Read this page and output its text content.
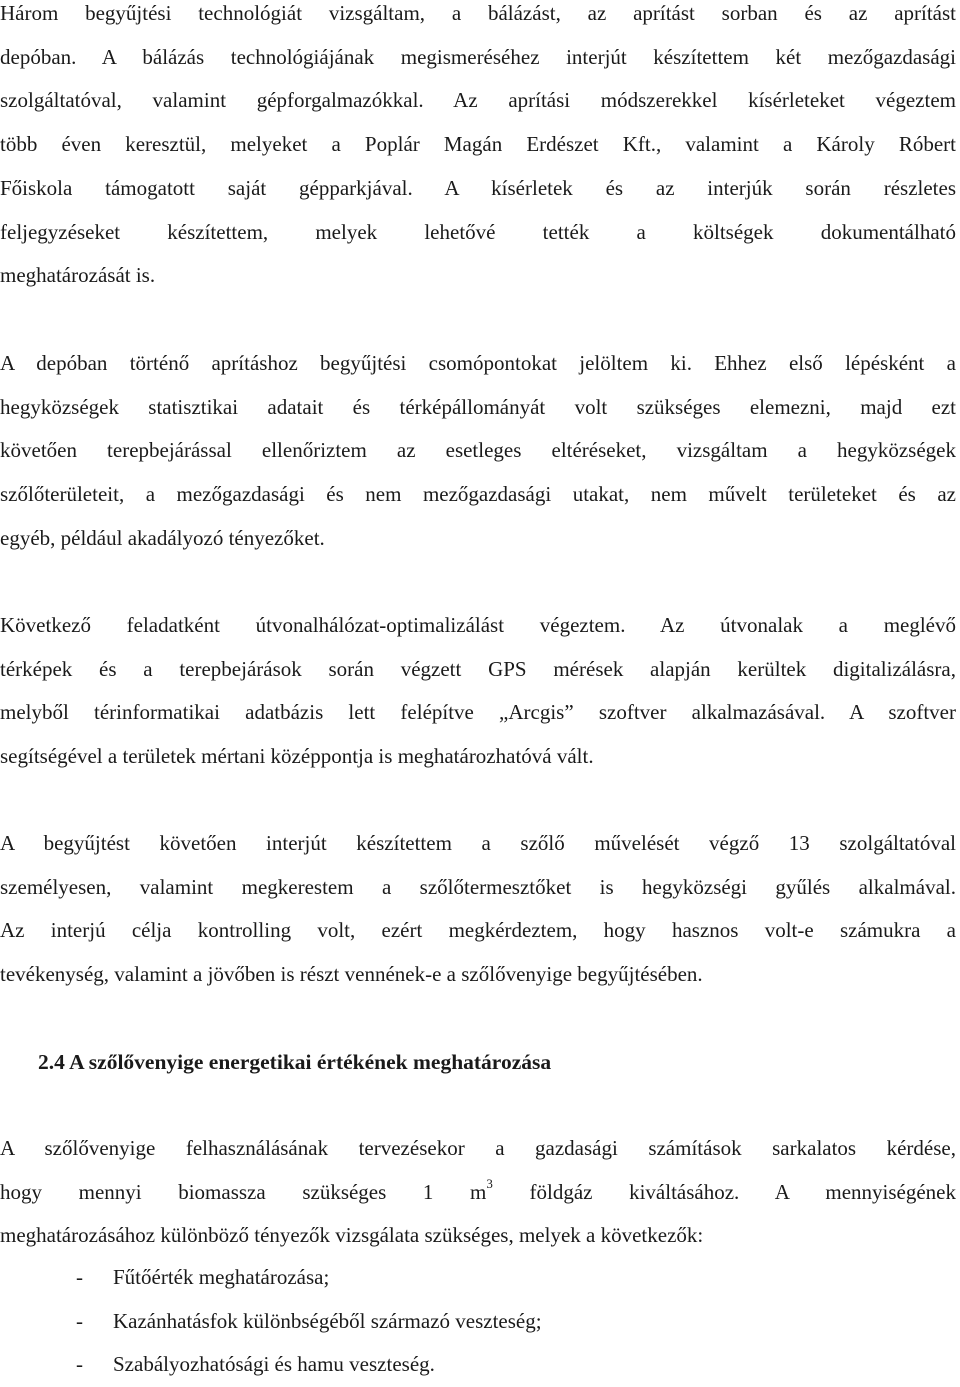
Három begyűjtési technológiát vizsgáltam, a bálázást, az aprítást sorban és az aprítást
depóban. A bálázás technológiájának megismeréséhez interjút készítettem két mezőgazdasági
szolgáltatóval, valamint gépforgalmazókkal. Az aprítási módszerekkel kísérleteket végeztem
több éven keresztül, melyeket a Poplár Magán Erdészet Kft., valamint a Károly Róbert
Főiskola támogatott saját gépparkjával. A kísérletek és az interjúk során részletes
feljegyzéseket készítettem, melyek lehetővé tették a költségek dokumentálható
meghatározását is.

A depóban történő aprításhoz begyűjtési csomópontokat jelöltem ki. Ehhez első lépésként a
hegyközségek statisztikai adatait és térképállományát volt szükséges elemezni, majd ezt
követően terepbejárással ellenőriztem az esetleges eltéréseket, vizsgáltam a hegyközségek
szőlőterületeit, a mezőgazdasági és nem mezőgazdasági utakat, nem művelt területeket és az
egyéb, például akadályozó tényezőket.

Következő feladatként útvonalhálózat-optimalizálást végeztem. Az útvonalak a meglévő
térképek és a terepbejárások során végzett GPS mérések alapján kerültek digitalizálásra,
melyből térinformatikai adatbázis lett felépítve „Arcgis” szoftver alkalmazásával. A szoftver
segítségével a területek mértani középpontja is meghatározhatóvá vált.

A begyűjtést követően interjút készítettem a szőlő művelését végző 13 szolgáltatóval
személyesen, valamint megkerestem a szőlőtermesztőket is hegyközségi gyűlés alkalmával.
Az interjú célja kontrolling volt, ezért megkérdeztem, hogy hasznos volt-e számukra a
tevékenység, valamint a jövőben is részt vennének-e a szőlővenyige begyűjtésében.

2.4 A szőlővenyige energetikai értékének meghatározása

A szőlővenyige felhasználásának tervezésekor a gazdasági számítások sarkalatos kérdése,
hogy mennyi biomassza szükséges 1 $m^3$ földgáz kiváltásához. A mennyiségének
meghatározásához különböző tényezők vizsgálata szükséges, melyek a következők:

- Fűtőérték meghatározása;
- Kazánhatásfok különbségéből származó veszteség;
- Szabályozhatósági és hamu veszteség.
